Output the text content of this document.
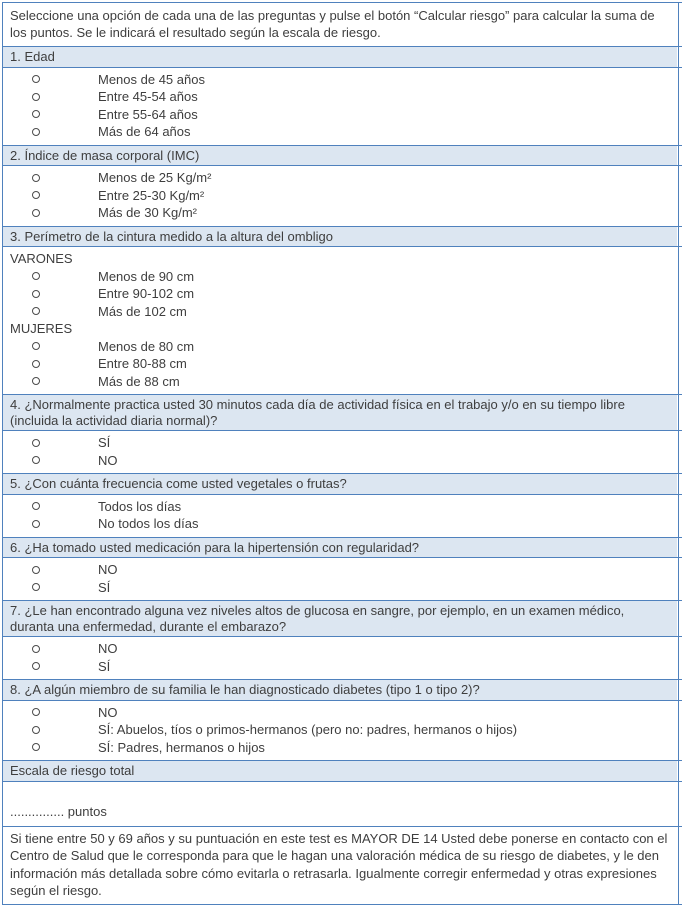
Seleccione una opción de cada una de las preguntas y pulse el botón “Calcular riesgo” para calcular la suma de los puntos. Se le indicará el resultado según la escala de riesgo.
1. Edad
Menos de 45 años
Entre 45-54 años
Entre 55-64 años
Más de 64 años
2. Índice de masa corporal (IMC)
Menos de 25 Kg/m²
Entre 25-30 Kg/m²
Más de 30 Kg/m²
3. Perímetro de la cintura medido a la altura del ombligo
VARONES
Menos de 90 cm
Entre 90-102 cm
Más de 102 cm
MUJERES
Menos de 80 cm
Entre 80-88 cm
Más de 88 cm
4. ¿Normalmente practica usted 30 minutos cada día de actividad física en el trabajo y/o en su tiempo libre (incluida la actividad diaria normal)?
SÍ
NO
5. ¿Con cuánta frecuencia come usted vegetales o frutas?
Todos los días
No todos los días
6. ¿Ha tomado usted medicación para la hipertensión con regularidad?
NO
SÍ
7. ¿Le han encontrado alguna vez niveles altos de glucosa en sangre, por ejemplo, en un examen médico, duranta una enfermedad, durante el embarazo?
NO
SÍ
8. ¿A algún miembro de su familia le han diagnosticado diabetes (tipo 1 o tipo 2)?
NO
SÍ: Abuelos, tíos o primos-hermanos (pero no: padres, hermanos o hijos)
SÍ: Padres, hermanos o hijos
Escala de riesgo total
............... puntos
Si tiene entre 50 y 69 años y su puntuación en este test es MAYOR DE 14 Usted debe ponerse en contacto con el Centro de Salud que le corresponda para que le hagan una valoración médica de su riesgo de diabetes, y le den información más detallada sobre cómo evitarla o retrasarla. Igualmente corregir enfermedad y otras expresiones según el riesgo.
